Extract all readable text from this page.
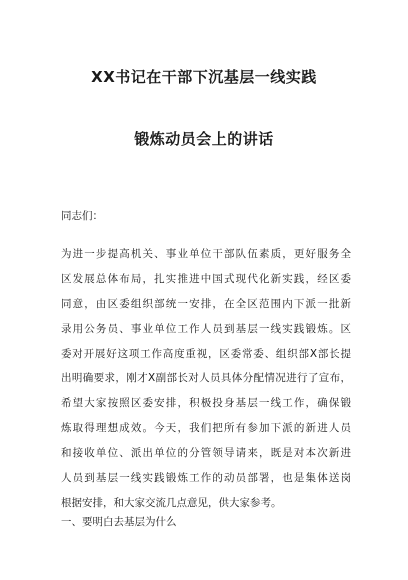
XX书记在干部下沉基层一线实践
锻炼动员会上的讲话
同志们：
为进一步提高机关、事业单位干部队伍素质，更好服务全
区发展总体布局，扎实推进中国式现代化新实践，经区委
同意，由区委组织部统一安排，在全区范围内下派一批新
录用公务员、事业单位工作人员到基层一线实践锻炼。区
委对开展好这项工作高度重视，区委常委、组织部X部长提
出明确要求，刚才X副部长对人员具体分配情况进行了宣布，
希望大家按照区委安排，积极投身基层一线工作，确保锻
炼取得理想成效。今天，我们把所有参加下派的新进人员
和接收单位、派出单位的分管领导请来，既是对本次新进
人员到基层一线实践锻炼工作的动员部署，也是集体送岗
根据安排，和大家交流几点意见，供大家参考。
一、要明白去基层为什么
